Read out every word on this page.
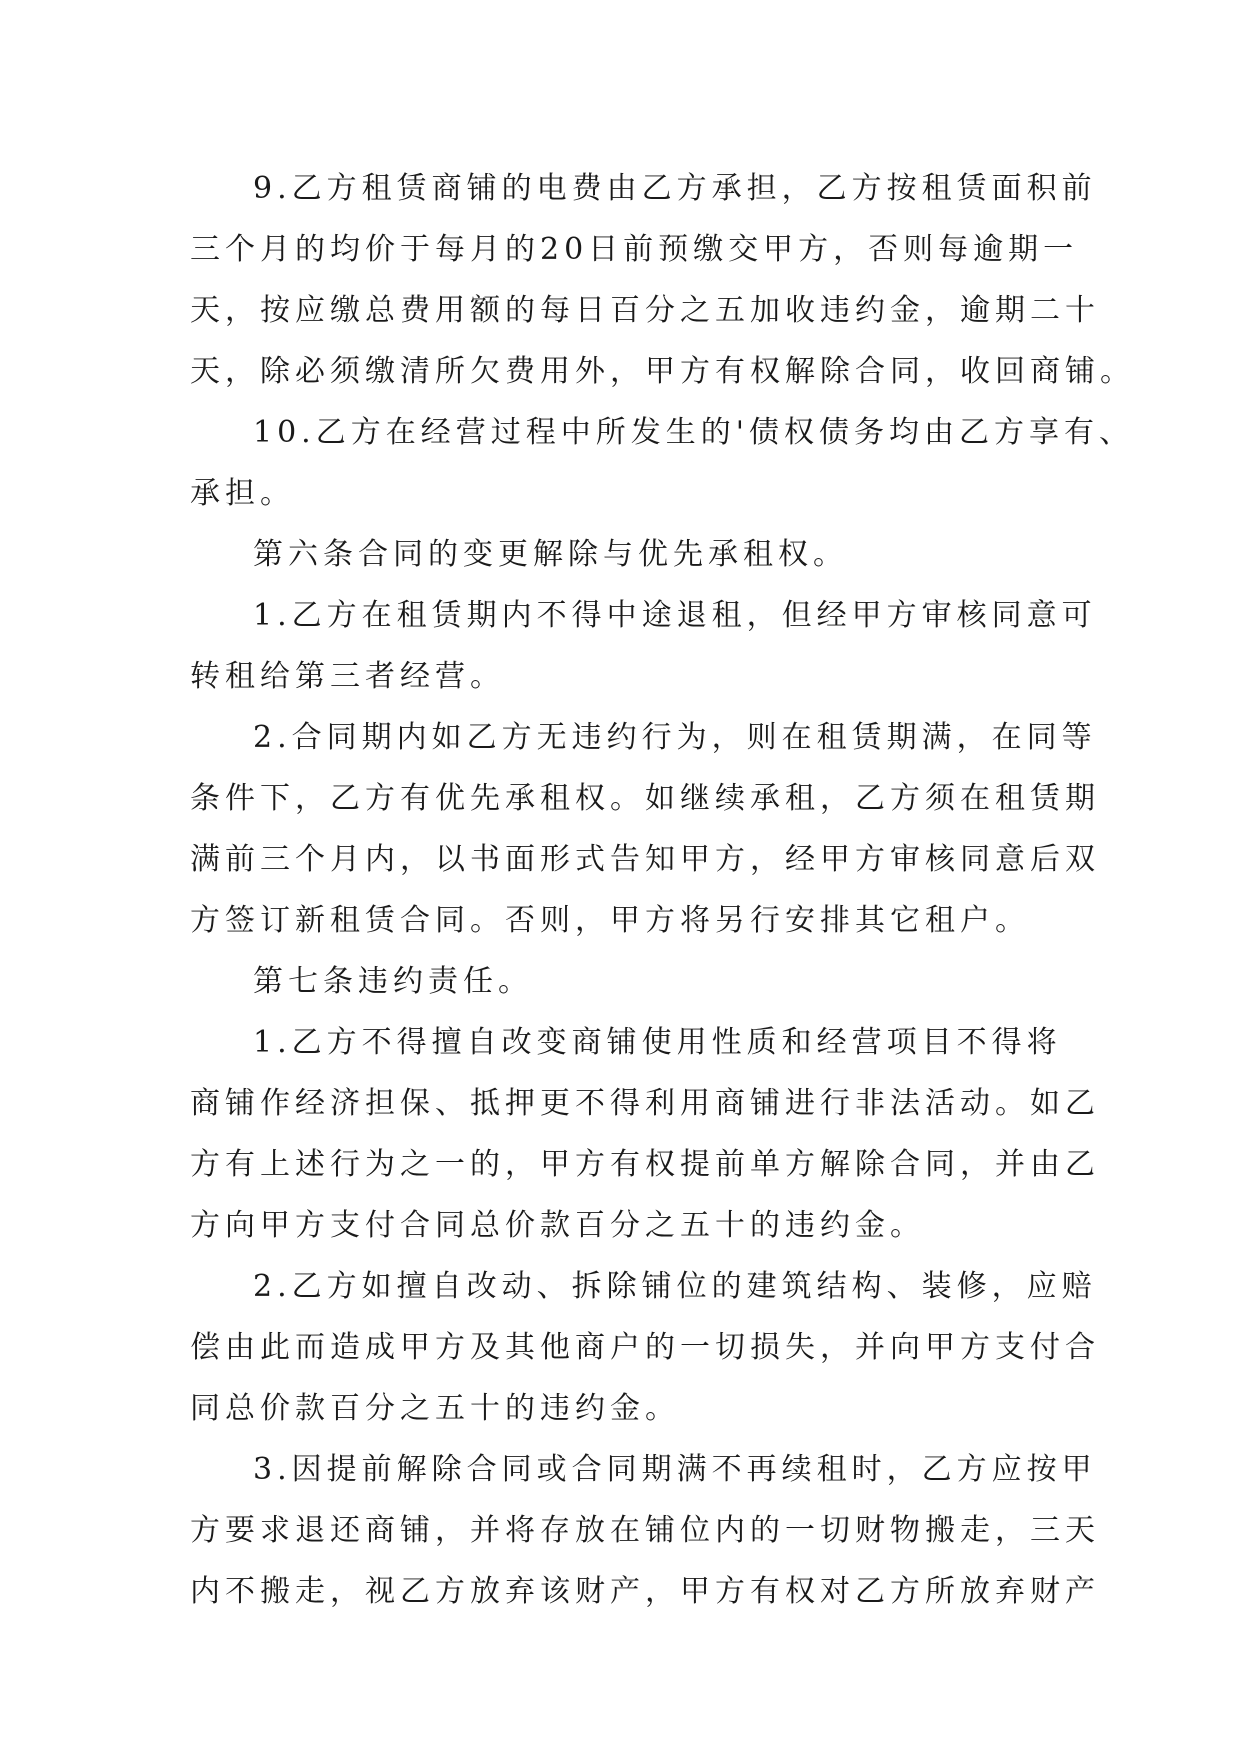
9.乙方租赁商铺的电费由乙方承担，乙方按租赁面积前
三个月的均价于每月的20日前预缴交甲方，否则每逾期一
天，按应缴总费用额的每日百分之五加收违约金，逾期二十
天，除必须缴清所欠费用外，甲方有权解除合同，收回商铺。
10.乙方在经营过程中所发生的'债权债务均由乙方享有、
承担。
第六条合同的变更解除与优先承租权。
1.乙方在租赁期内不得中途退租，但经甲方审核同意可
转租给第三者经营。
2.合同期内如乙方无违约行为，则在租赁期满，在同等
条件下，乙方有优先承租权。如继续承租，乙方须在租赁期
满前三个月内，以书面形式告知甲方，经甲方审核同意后双
方签订新租赁合同。否则，甲方将另行安排其它租户。
第七条违约责任。
1.乙方不得擅自改变商铺使用性质和经营项目不得将
商铺作经济担保、抵押更不得利用商铺进行非法活动。如乙
方有上述行为之一的，甲方有权提前单方解除合同，并由乙
方向甲方支付合同总价款百分之五十的违约金。
2.乙方如擅自改动、拆除铺位的建筑结构、装修，应赔
偿由此而造成甲方及其他商户的一切损失，并向甲方支付合
同总价款百分之五十的违约金。
3.因提前解除合同或合同期满不再续租时，乙方应按甲
方要求退还商铺，并将存放在铺位内的一切财物搬走，三天
内不搬走，视乙方放弃该财产，甲方有权对乙方所放弃财产
